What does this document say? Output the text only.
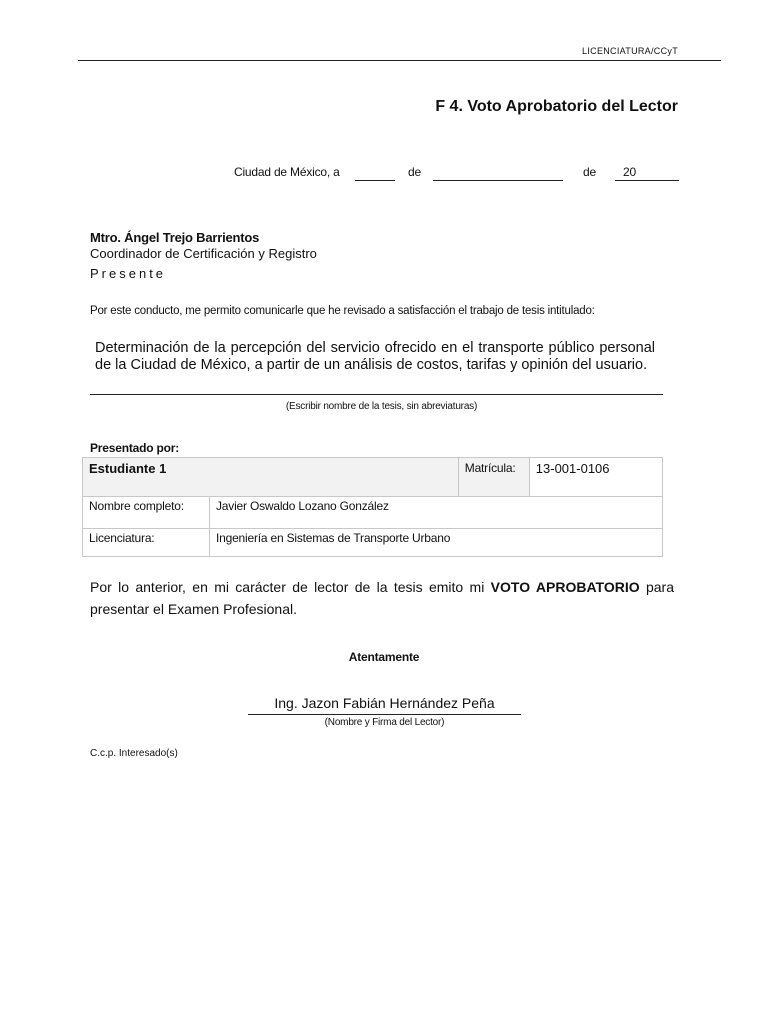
LICENCIATURA/CCyT
F 4. Voto Aprobatorio del Lector
Ciudad de México, a	de	de 20
Mtro. Ángel Trejo Barrientos
Coordinador de Certificación y Registro
Presente
Por este conducto, me permito comunicarle que he revisado a satisfacción el trabajo de tesis intitulado:
Determinación de la percepción del servicio ofrecido en el transporte público personal de la Ciudad de México, a partir de un análisis de costos, tarifas y opinión del usuario.
(Escribir nombre de la tesis, sin abreviaturas)
Presentado por:
Estudiante 1		Matrícula:	13-001-0106
Nombre completo:	Javier Oswaldo Lozano González		
Licenciatura:	Ingeniería en Sistemas de Transporte Urbano		
Por lo anterior, en mi carácter de lector de la tesis emito mi VOTO APROBATORIO para presentar el Examen Profesional.
Atentamente
Ing. Jazon Fabián Hernández Peña
(Nombre y Firma del Lector)
C.c.p. Interesado(s)
